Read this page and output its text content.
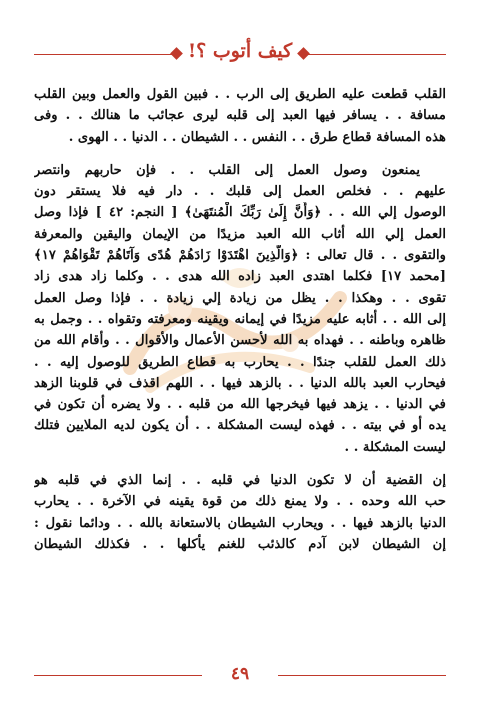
كيف أتوب ؟!
القلب قطعت عليه الطريق إلى الرب . . فبين القول والعمل وبين القلب
مسافة . . يسافر فيها العبد إلى قلبه ليرى عجائب ما هنالك . . وفى
هذه المسافة قطاع طرق . . النفس . . الشيطان . . الدنيا . . الهوى .
يمنعون وصول العمل إلى القلب . . فإن حاربهم وانتصر
عليهم . . فخلص العمل إلى قلبك . . دار فيه فلا يستقر دون
الوصول إلي الله . . ﴿وَأَنَّ إِلَىٰ رَبِّكَ الْمُنتَهَىٰ﴾ [ النجم: ٤٢ ] فإذا وصل
العمل إلي الله أثاب الله العبد مزيدًا من الإيمان واليقين والمعرفة
والتقوى . . قال تعالى : ﴿وَالَّذِينَ اهْتَدَوْا زَادَهُمْ هُدًى وَآتَاهُمْ تَقْوَاهُمْ ١٧﴾
[محمد ١٧] فكلما اهتدى العبد زاده الله هدى . . وكلما زاد هدى زاد
تقوى . . وهكذا . . يظل من زيادة إلي زيادة . . فإذا وصل العمل
إلى الله . . أثابه عليه مزيدًا في إيمانه ويقينه ومعرفته وتقواه . . وجمل به
ظاهره وباطنه . . فهداه به الله لأحسن الأعمال والأقوال . . وأقام الله من
ذلك العمل للقلب جندًا . . يحارب به قطاع الطريق للوصول إليه . .
فيحارب العبد بالله الدنيا . . بالزهد فيها . . اللهم اقذف في قلوبنا الزهد
في الدنيا . . يزهد فيها فيخرجها الله من قلبه . . ولا يضره أن تكون في
يده أو في بيته . . فهذه ليست المشكلة . . أن يكون لديه الملايين فتلك
ليست المشكلة . .
إن القضية أن لا تكون الدنيا في قلبه . . إنما الذي في قلبه هو
حب الله وحده . . ولا يمنع ذلك من قوة يقينه في الآخرة . . يحارب
الدنيا بالزهد فيها . . ويحارب الشيطان بالاستعانة بالله . . ودائما نقول :
إن الشيطان لابن آدم كالذئب للغنم يأكلها . . فكذلك الشيطان
٤٩
